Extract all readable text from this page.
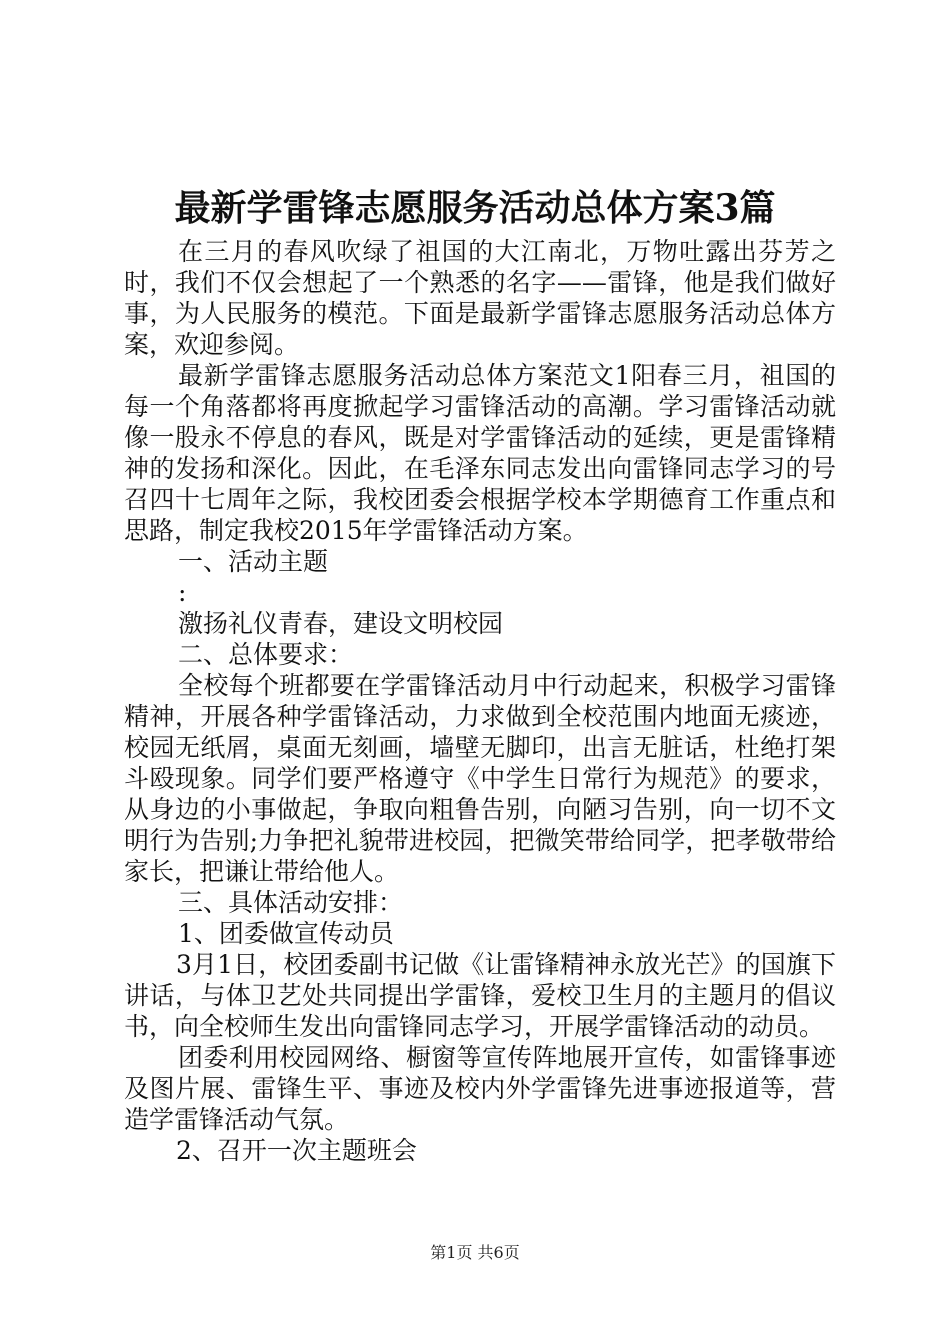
最新学雷锋志愿服务活动总体方案3篇

在三月的春风吹绿了祖国的大江南北，万物吐露出芬芳之时，我们不仅会想起了一个熟悉的名字——雷锋，他是我们做好事，为人民服务的模范。下面是最新学雷锋志愿服务活动总体方案，欢迎参阅。

最新学雷锋志愿服务活动总体方案范文1阳春三月，祖国的每一个角落都将再度掀起学习雷锋活动的高潮。学习雷锋活动就像一股永不停息的春风，既是对学雷锋活动的延续，更是雷锋精神的发扬和深化。因此，在毛泽东同志发出向雷锋同志学习的号召四十七周年之际，我校团委会根据学校本学期德育工作重点和思路，制定我校2015年学雷锋活动方案。

一、活动主题

:

激扬礼仪青春，建设文明校园

二、总体要求：

全校每个班都要在学雷锋活动月中行动起来，积极学习雷锋精神，开展各种学雷锋活动，力求做到全校范围内地面无痰迹，校园无纸屑，桌面无刻画，墙壁无脚印，出言无脏话，杜绝打架斗殴现象。同学们要严格遵守《中学生日常行为规范》的要求，从身边的小事做起，争取向粗鲁告别，向陋习告别，向一切不文明行为告别;力争把礼貌带进校园，把微笑带给同学，把孝敬带给家长，把谦让带给他人。

三、具体活动安排：

1、团委做宣传动员

3月1日，校团委副书记做《让雷锋精神永放光芒》的国旗下讲话，与体卫艺处共同提出学雷锋，爱校卫生月的主题月的倡议书，向全校师生发出向雷锋同志学习，开展学雷锋活动的动员。

团委利用校园网络、橱窗等宣传阵地展开宣传，如雷锋事迹及图片展、雷锋生平、事迹及校内外学雷锋先进事迹报道等，营造学雷锋活动气氛。

2、召开一次主题班会

第1页 共6页
